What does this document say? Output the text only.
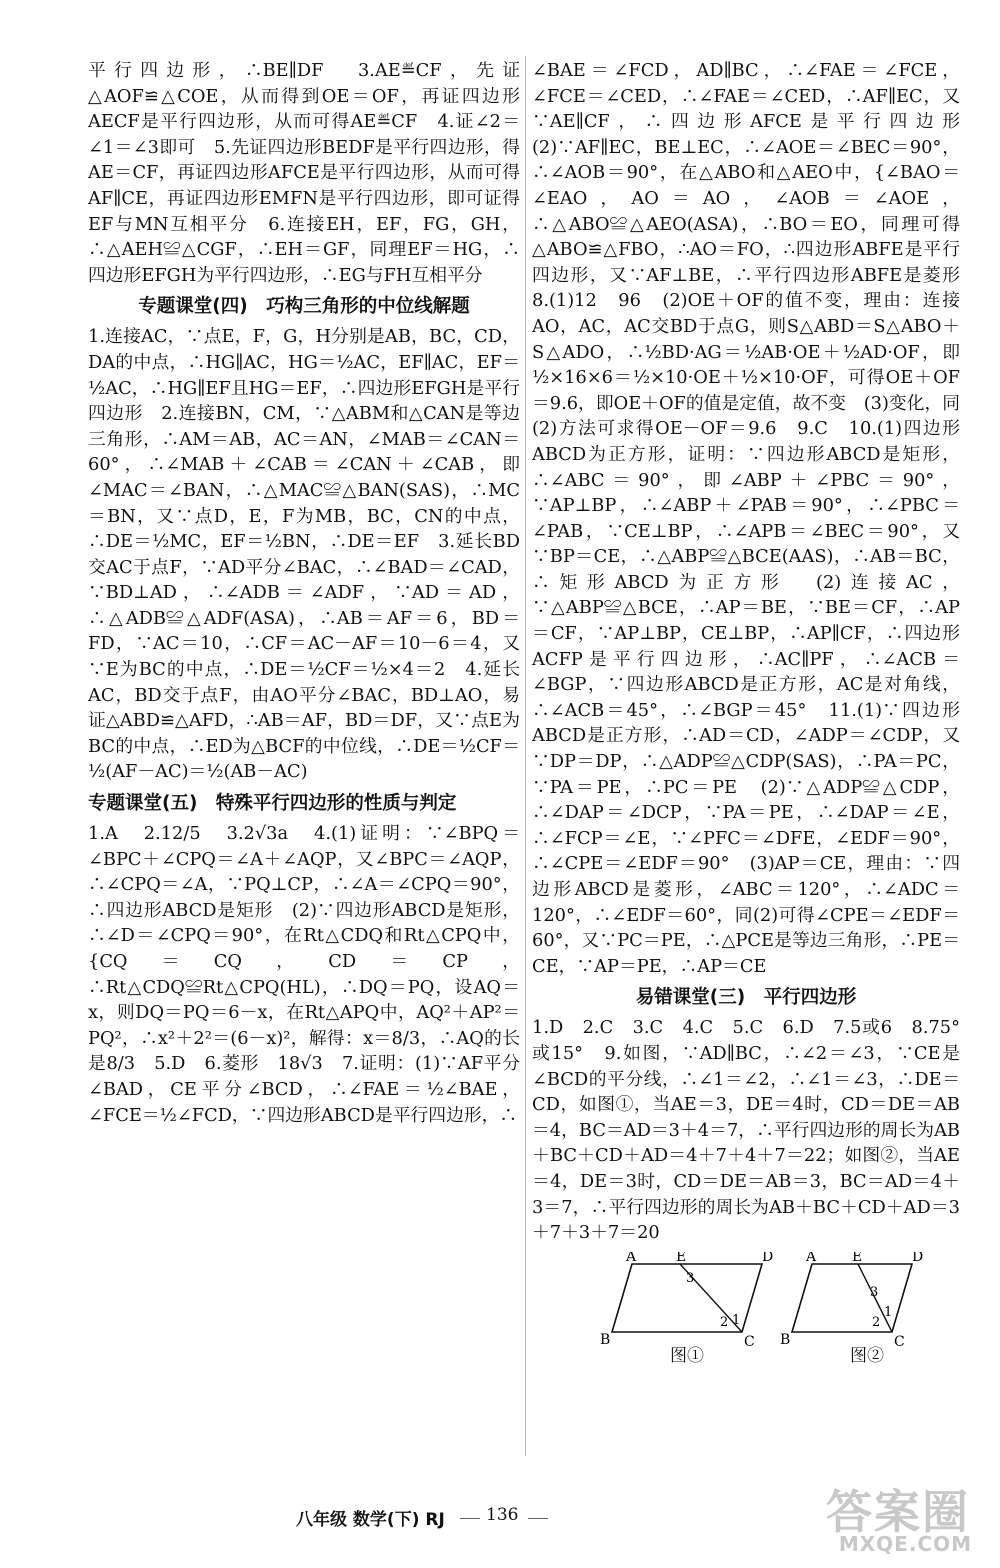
平行四边形，∴BE∥DF　3.AE≝CF，先证△AOF≌△COE，从而得到OE＝OF，再证四边形AECF是平行四边形，从而可得AE≝CF　4.证∠2＝∠1＝∠3即可　5.先证四边形BEDF是平行四边形，得AE＝CF，再证四边形AFCE是平行四边形，从而可得AF∥CE，再证四边形EMFN是平行四边形，即可证得EF与MN互相平分　6.连接EH，EF，FG，GH，∴△AEH≌△CGF，∴EH＝GF，同理EF＝HG，∴四边形EFGH为平行四边形，∴EG与FH互相平分

专题课堂(四)　巧构三角形的中位线解题

1.连接AC，∵点E，F，G，H分别是AB，BC，CD，DA的中点，∴HG∥AC，HG＝½AC，EF∥AC，EF＝½AC，∴HG∥EF且HG＝EF，∴四边形EFGH是平行四边形　2.连接BN，CM，∵△ABM和△CAN是等边三角形，∴AM＝AB，AC＝AN，∠MAB＝∠CAN＝60°，∴∠MAB＋∠CAB＝∠CAN＋∠CAB，即∠MAC＝∠BAN，∴△MAC≌△BAN(SAS)，∴MC＝BN，又∵点D，E，F为MB，BC，CN的中点，∴DE＝½MC，EF＝½BN，∴DE＝EF　3.延长BD交AC于点F，∵AD平分∠BAC，∴∠BAD＝∠CAD，∵BD⊥AD，∴∠ADB＝∠ADF，∵AD＝AD，∴△ADB≌△ADF(ASA)，∴AB＝AF＝6，BD＝FD，∵AC＝10，∴CF＝AC－AF＝10－6＝4，又∵E为BC的中点，∴DE＝½CF＝½×4＝2　4.延长AC，BD交于点F，由AO平分∠BAC，BD⊥AO，易证△ABD≌△AFD，∴AB＝AF，BD＝DF，又∵点E为BC的中点，∴ED为△BCF的中位线，∴DE＝½CF＝½(AF－AC)＝½(AB－AC)

专题课堂(五)　特殊平行四边形的性质与判定

1.A　2.12/5　3.2√3a　4.(1)证明：∵∠BPQ＝∠BPC＋∠CPQ＝∠A＋∠AQP，又∠BPC＝∠AQP，∴∠CPQ＝∠A，∵PQ⊥CP，∴∠A＝∠CPQ＝90°，∴四边形ABCD是矩形　(2)∵四边形ABCD是矩形，∴∠D＝∠CPQ＝90°，在Rt△CDQ和Rt△CPQ中，{CQ＝CQ，CD＝CP，∴Rt△CDQ≌Rt△CPQ(HL)，∴DQ＝PQ，设AQ＝x，则DQ＝PQ＝6－x，在Rt△APQ中，AQ²＋AP²＝PQ²，∴x²＋2²＝(6－x)²，解得：x＝8/3，∴AQ的长是8/3　5.D　6.菱形　18√3　7.证明：(1)∵AF平分∠BAD，CE平分∠BCD，∴∠FAE＝½∠BAE，∠FCE＝½∠FCD，∵四边形ABCD是平行四边形，∴

∠BAE＝∠FCD，AD∥BC，∴∠FAE＝∠FCE，∠FCE＝∠CED，∴∠FAE＝∠CED，∴AF∥EC，又∵AE∥CF，∴四边形AFCE是平行四边形　(2)∵AF∥EC，BE⊥EC，∴∠AOE＝∠BEC＝90°，∴∠AOB＝90°，在△ABO和△AEO中，{∠BAO＝∠EAO，AO＝AO，∠AOB＝∠AOE，∴△ABO≌△AEO(ASA)，∴BO＝EO，同理可得△ABO≌△FBO，∴AO＝FO，∴四边形ABFE是平行四边形，又∵AF⊥BE，∴平行四边形ABFE是菱形　8.(1)12　96　(2)OE＋OF的值不变，理由：连接AO，AC，AC交BD于点G，则S△ABD＝S△ABO＋S△ADO，∴½BD·AG＝½AB·OE＋½AD·OF，即½×16×6＝½×10·OE＋½×10·OF，可得OE＋OF＝9.6，即OE＋OF的值是定值，故不变　(3)变化，同(2)方法可求得OE－OF＝9.6　9.C　10.(1)四边形ABCD为正方形，证明：∵四边形ABCD是矩形，∴∠ABC＝90°，即∠ABP＋∠PBC＝90°，∵AP⊥BP，∴∠ABP＋∠PAB＝90°，∴∠PBC＝∠PAB，∵CE⊥BP，∴∠APB＝∠BEC＝90°，又∵BP＝CE，∴△ABP≌△BCE(AAS)，∴AB＝BC，∴矩形ABCD为正方形　(2)连接AC，∵△ABP≌△BCE，∴AP＝BE，∵BE＝CF，∴AP＝CF，∵AP⊥BP，CE⊥BP，∴AP∥CF，∴四边形ACFP是平行四边形，∴AC∥PF，∴∠ACB＝∠BGP，∵四边形ABCD是正方形，AC是对角线，∴∠ACB＝45°，∴∠BGP＝45°　11.(1)∵四边形ABCD是正方形，∴AD＝CD，∠ADP＝∠CDP，又∵DP＝DP，∴△ADP≌△CDP(SAS)，∴PA＝PC，∵PA＝PE，∴PC＝PE　(2)∵△ADP≌△CDP，∴∠DAP＝∠DCP，∵PA＝PE，∴∠DAP＝∠E，∴∠FCP＝∠E，∵∠PFC＝∠DFE，∠EDF＝90°，∴∠CPE＝∠EDF＝90°　(3)AP＝CE，理由：∵四边形ABCD是菱形，∠ABC＝120°，∴∠ADC＝120°，∴∠EDF＝60°，同(2)可得∠CPE＝∠EDF＝60°，又∵PC＝PE，∴△PCE是等边三角形，∴PE＝CE，∵AP＝PE，∴AP＝CE

易错课堂(三)　平行四边形

1.D　2.C　3.C　4.C　5.C　6.D　7.5或6　8.75°或15°　9.如图，∵AD∥BC，∴∠2＝∠3，∵CE是∠BCD的平分线，∴∠1＝∠2，∴∠1＝∠3，∴DE＝CD，如图①，当AE＝3，DE＝4时，CD＝DE＝AB＝4，BC＝AD＝3＋4＝7，∴平行四边形的周长为AB＋BC＋CD＋AD＝4＋7＋4＋7＝22；如图②，当AE＝4，DE＝3时，CD＝DE＝AB＝3，BC＝AD＝4＋3＝7，∴平行四边形的周长为AB＋BC＋CD＋AD＝3＋7＋3＋7＝20

A	E	D
B	C
1
2
3
图①
A	E	D
B	C
1
2
3
图②
八年级 数学(下) RJ 136	答案圈
MXQE.COM
